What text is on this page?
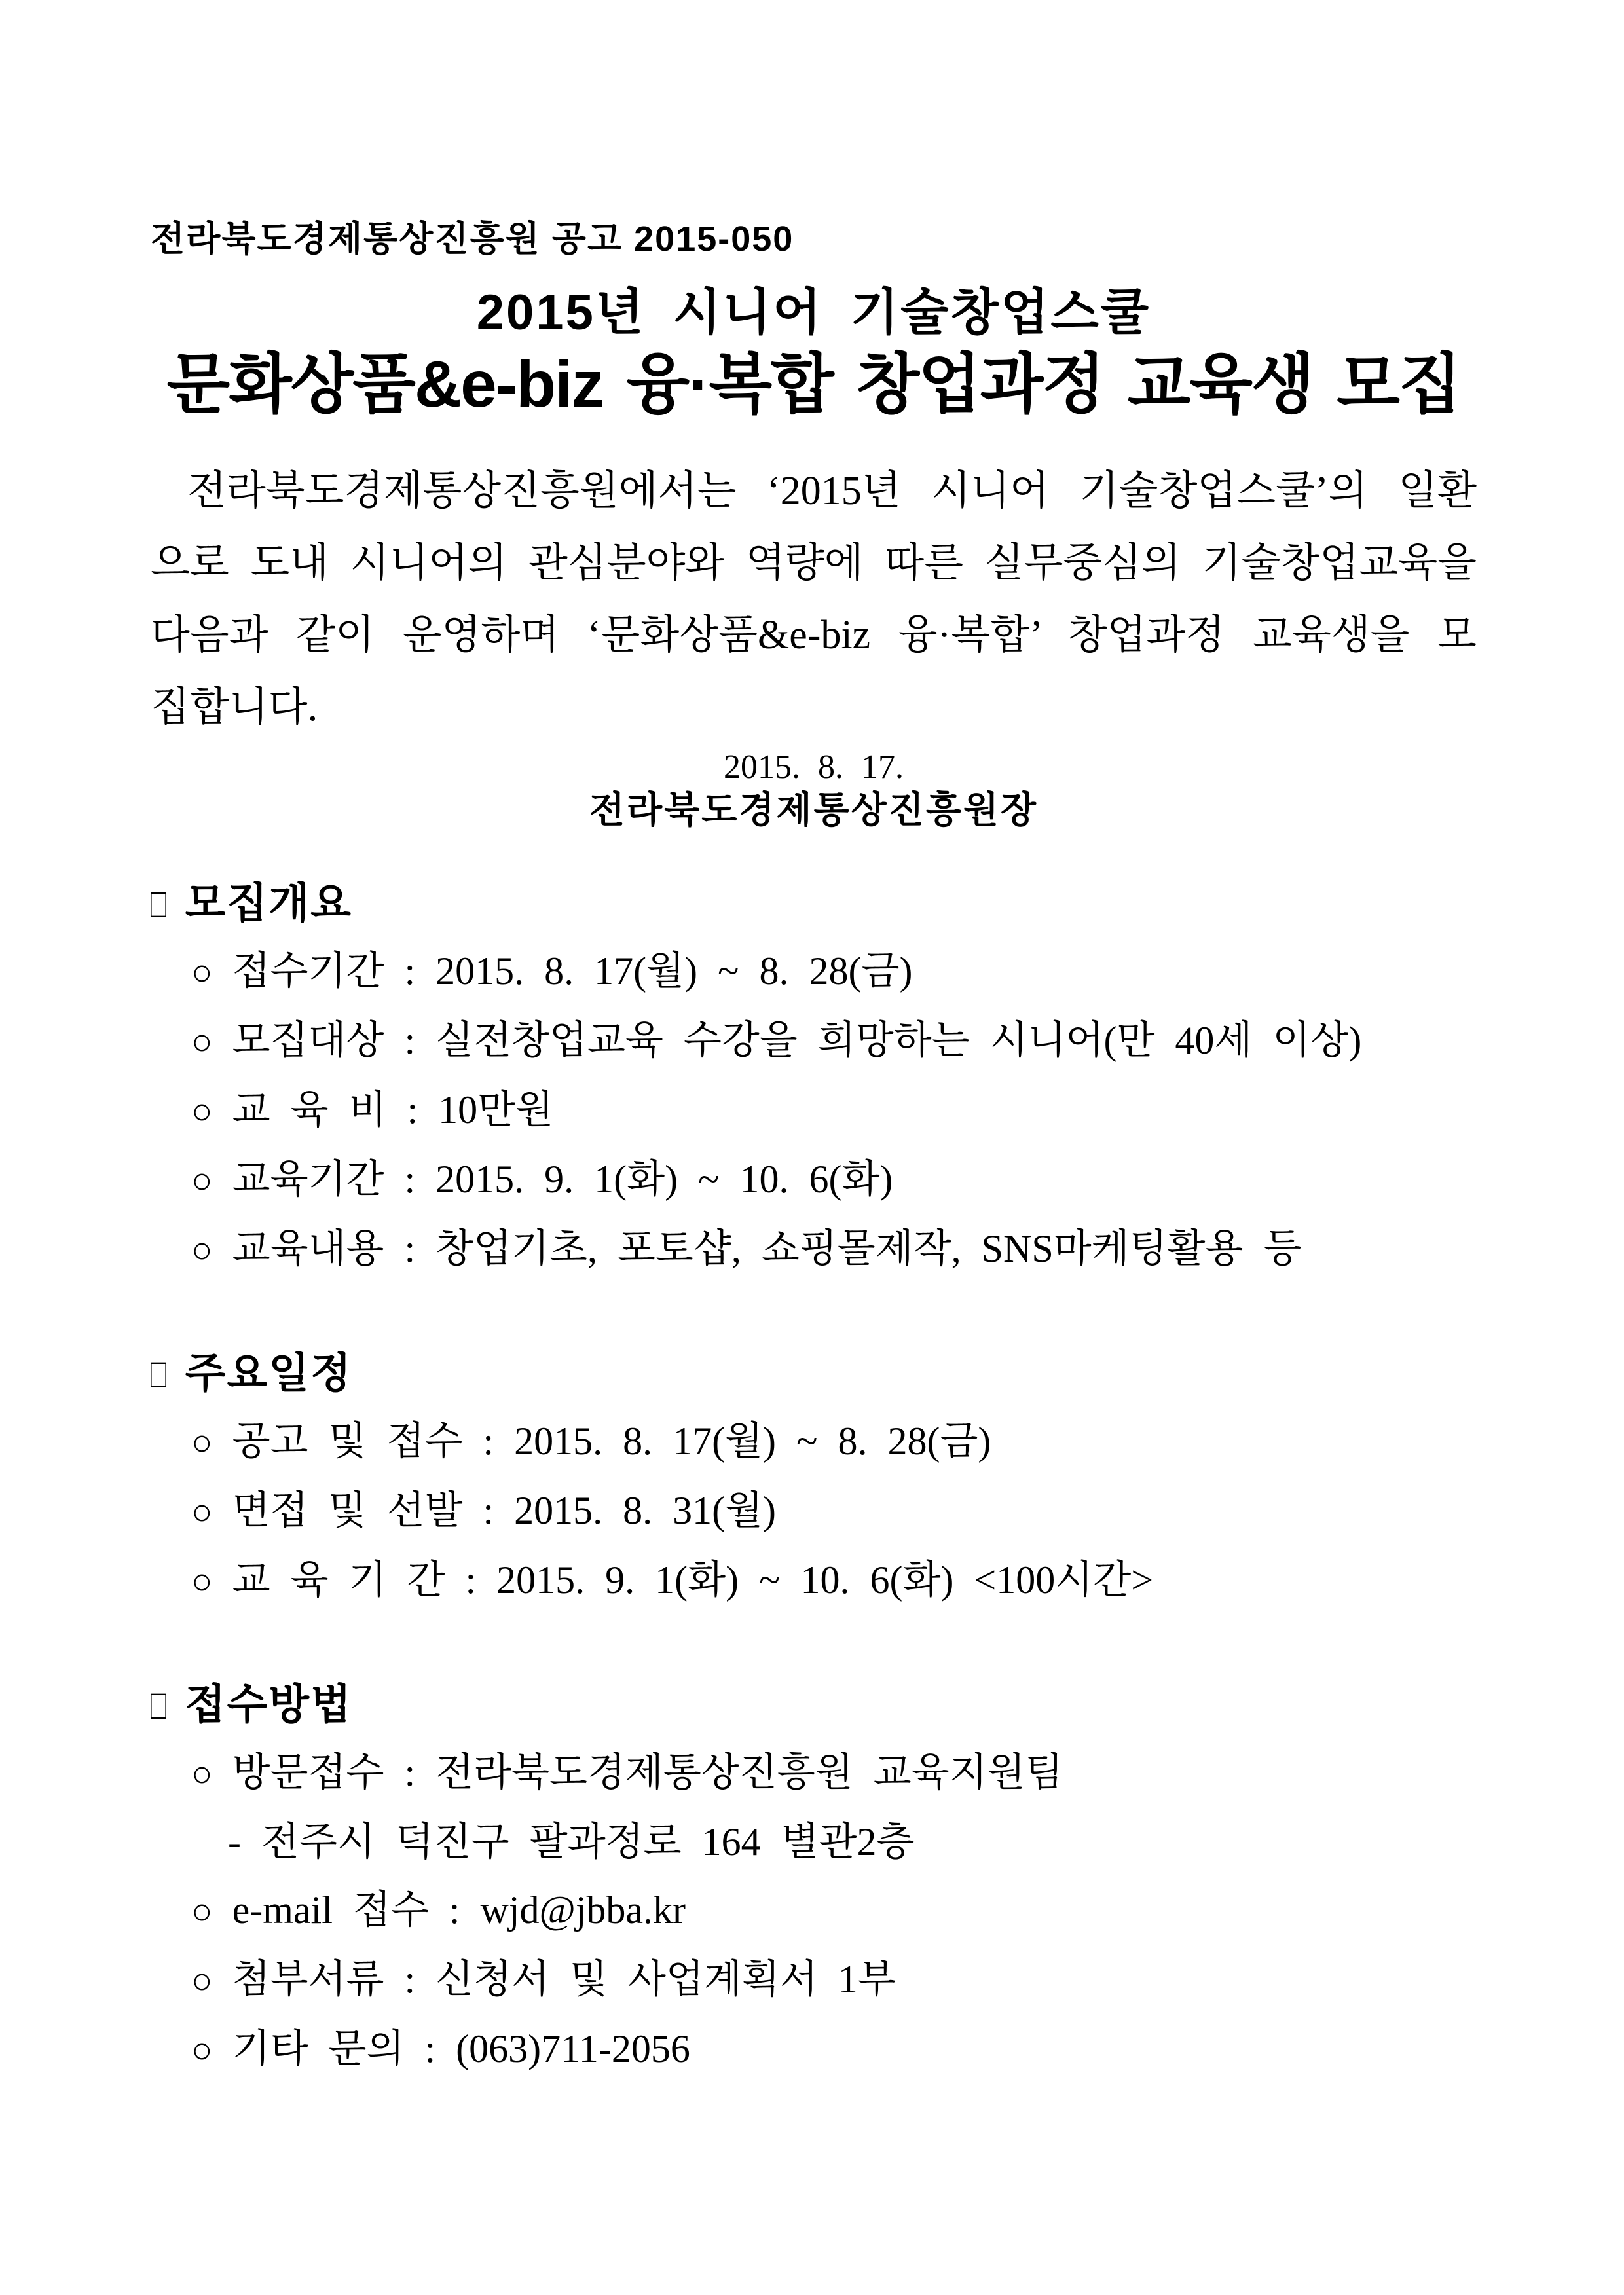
전라북도경제통상진흥원 공고 2015-050
2015년 시니어 기술창업스쿨
문화상품&e-biz 융·복합 창업과정 교육생 모집
전라북도경제통상진흥원에서는 ‘2015년 시니어 기술창업스쿨’의 일환
으로 도내 시니어의 관심분야와 역량에 따른 실무중심의 기술창업교육을
다음과 같이 운영하며 ‘문화상품&e-biz 융·복합’ 창업과정 교육생을 모
집합니다.
2015. 8. 17.
전라북도경제통상진흥원장
□ 모집개요
○ 접수기간 : 2015. 8. 17(월) ~ 8. 28(금)
○ 모집대상 : 실전창업교육 수강을 희망하는 시니어(만 40세 이상)
○ 교 육 비 : 10만원
○ 교육기간 : 2015. 9. 1(화) ~ 10. 6(화)
○ 교육내용 : 창업기초, 포토샵, 쇼핑몰제작, SNS마케팅활용 등
□ 주요일정
○ 공고 및 접수 : 2015. 8. 17(월) ~ 8. 28(금)
○ 면접 및 선발 : 2015. 8. 31(월)
○ 교 육 기 간 : 2015. 9. 1(화) ~ 10. 6(화) <100시간>
□ 접수방법
○ 방문접수 : 전라북도경제통상진흥원 교육지원팀
- 전주시 덕진구 팔과정로 164 별관2층
○ e-mail 접수 : wjd@jbba.kr
○ 첨부서류 : 신청서 및 사업계획서 1부
○ 기타 문의 : (063)711-2056
